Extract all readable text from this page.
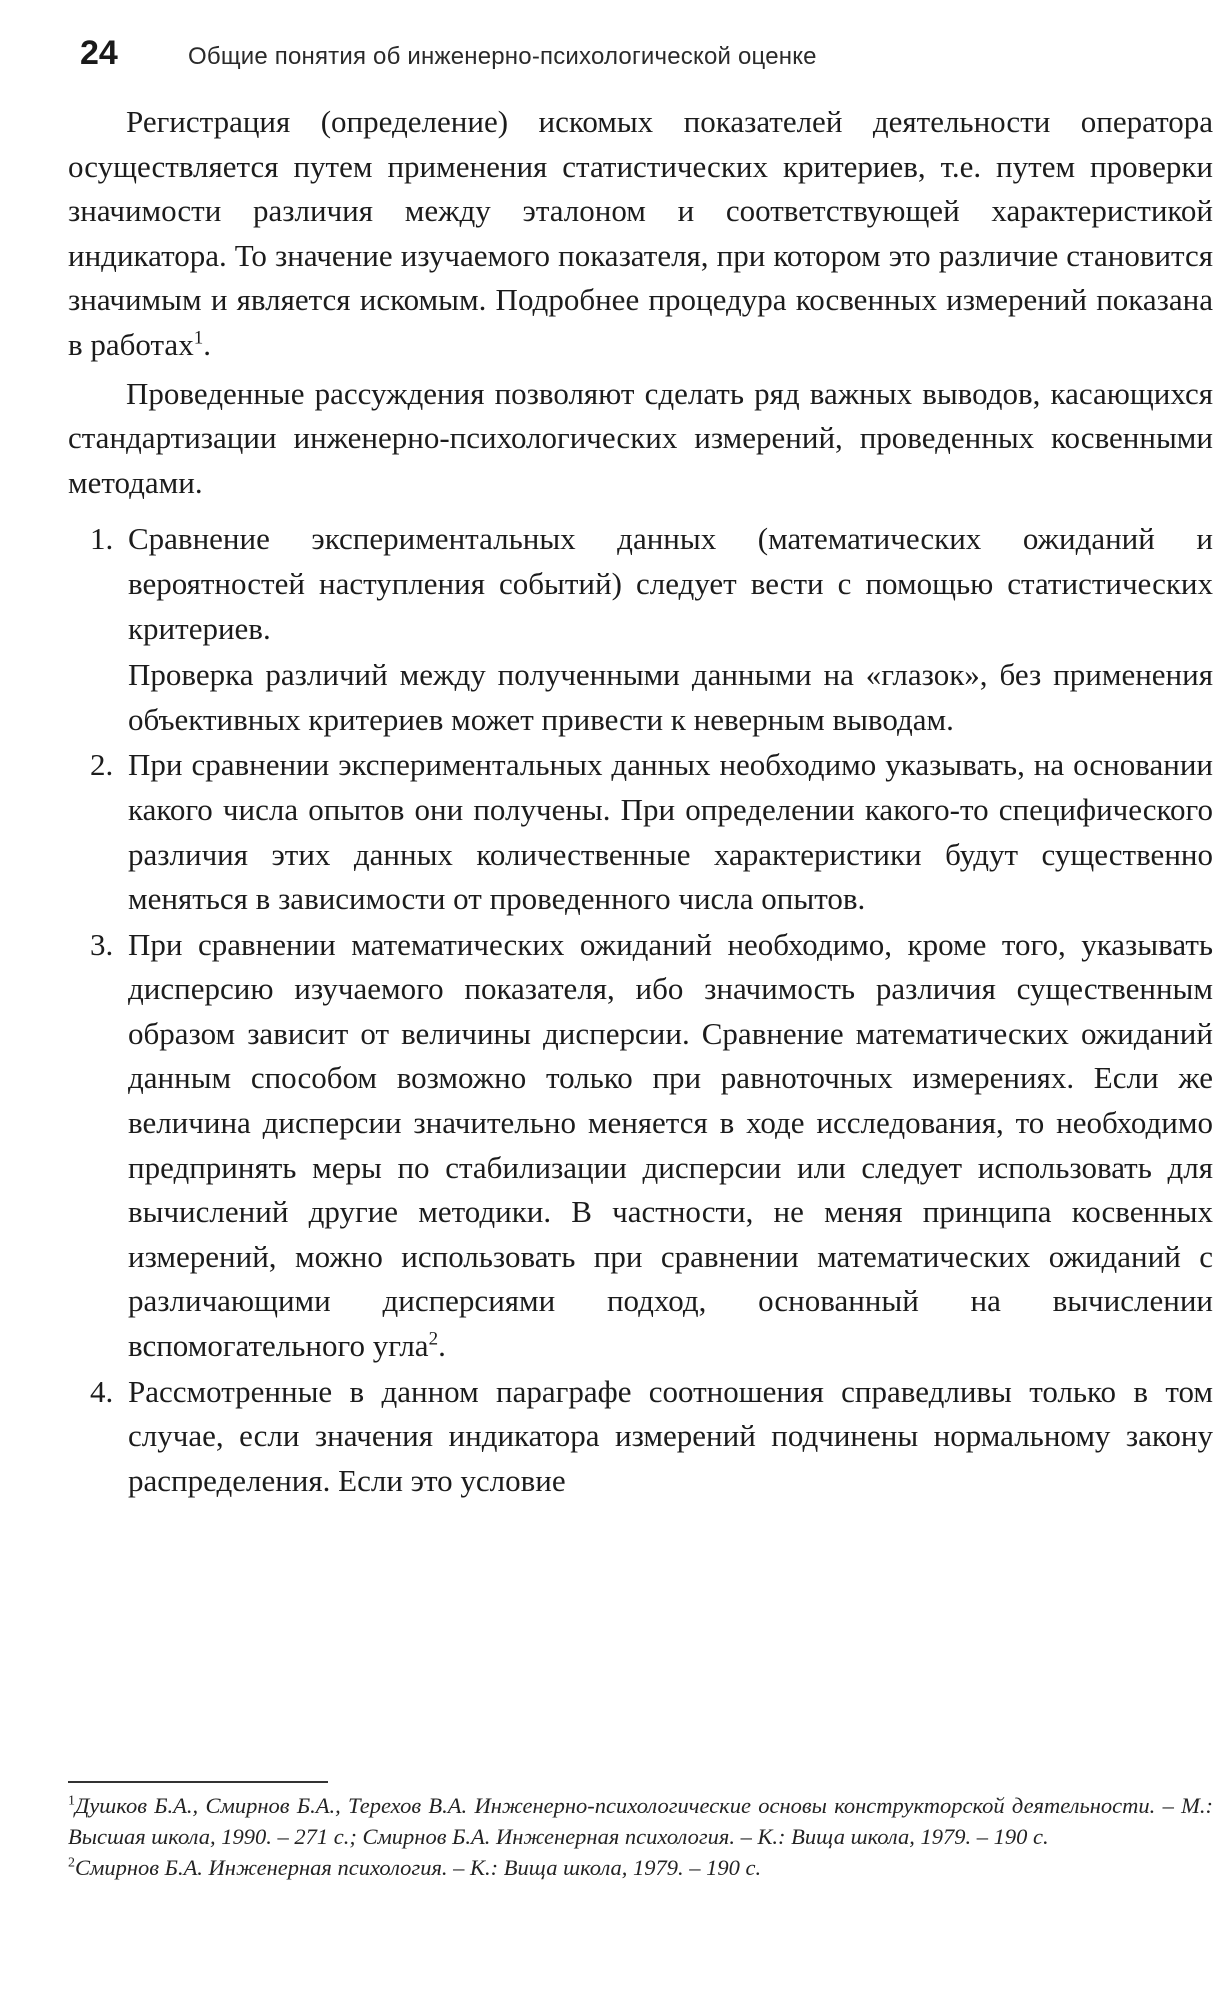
24	Общие понятия об инженерно-психологической оценке

Регистрация (определение) искомых показателей деятельности оператора осуществляется путем применения статистических критериев, т.е. путем проверки значимости различия между эталоном и соответствующей характеристикой индикатора. То значение изучаемого показателя, при котором это различие становится значимым и является искомым. Подробнее процедура косвенных измерений показана в работах$^1$.

Проведенные рассуждения позволяют сделать ряд важных выводов, касающихся стандартизации инженерно-психологических измерений, проведенных косвенными методами.

1. Сравнение экспериментальных данных (математических ожиданий и вероятностей наступления событий) следует вести с помощью статистических критериев.

Проверка различий между полученными данными на «глазок», без применения объективных критериев может привести к неверным выводам.

2. При сравнении экспериментальных данных необходимо указывать, на основании какого числа опытов они получены. При определении какого-то специфического различия этих данных количественные характеристики будут существенно меняться в зависимости от проведенного числа опытов.

3. При сравнении математических ожиданий необходимо, кроме того, указывать дисперсию изучаемого показателя, ибо значимость различия существенным образом зависит от величины дисперсии. Сравнение математических ожиданий данным способом возможно только при равноточных измерениях. Если же величина дисперсии значительно меняется в ходе исследования, то необходимо предпринять меры по стабилизации дисперсии или следует использовать для вычислений другие методики. В частности, не меняя принципа косвенных измерений, можно использовать при сравнении математических ожиданий с различающими дисперсиями подход, основанный на вычислении вспомогательного угла$^2$.

4. Рассмотренные в данном параграфе соотношения справедливы только в том случае, если значения индикатора измерений подчинены нормальному закону распределения. Если это условие

$^1$Душков Б.А., Смирнов Б.А., Терехов В.А. Инженерно-психологические основы конструкторской деятельности. – М.: Высшая школа, 1990. – 271 с.; Смирнов Б.А. Инженерная психология. – К.: Вища школа, 1979. – 190 с.

$^2$Смирнов Б.А. Инженерная психология. – К.: Вища школа, 1979. – 190 с.
